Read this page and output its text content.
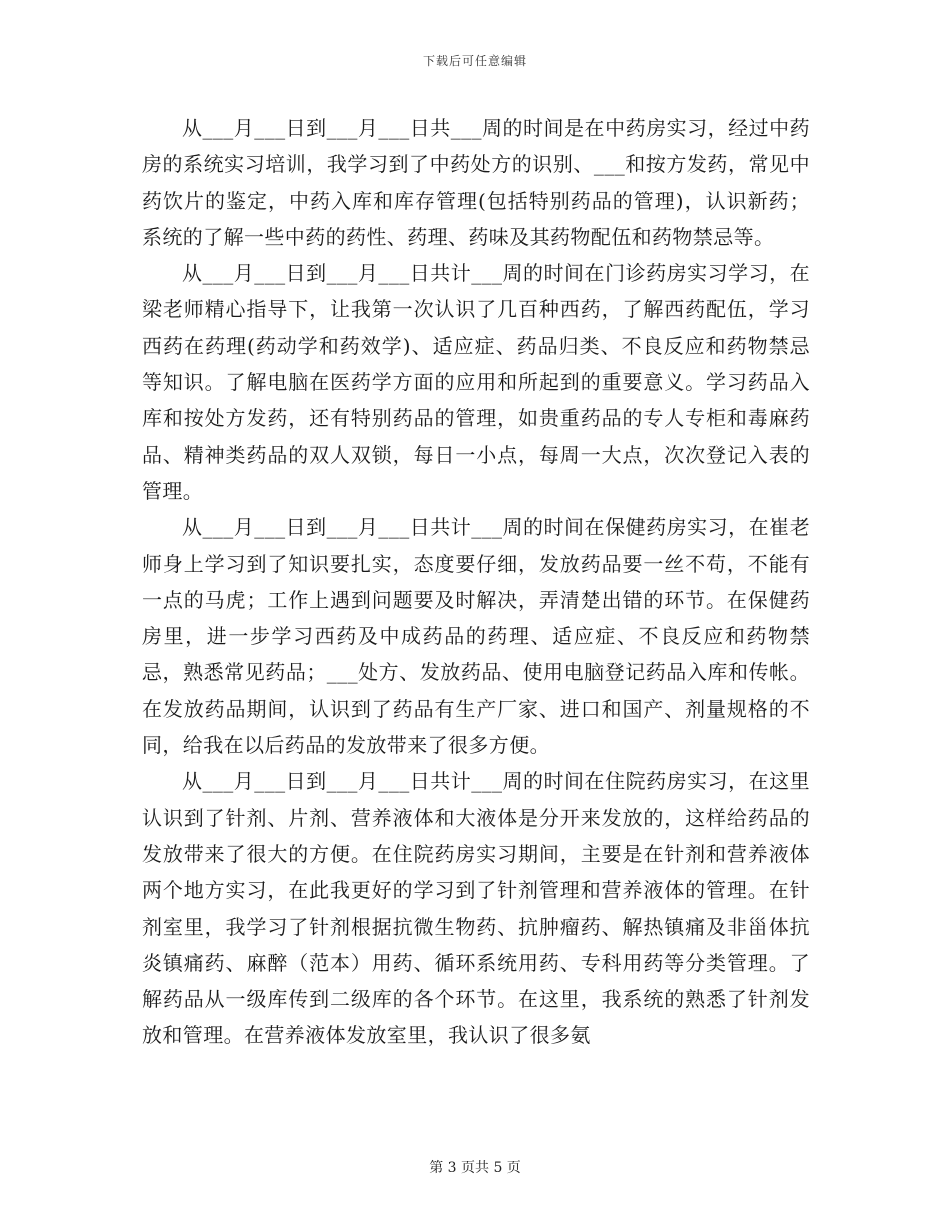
下载后可任意编辑

从___月___日到___月___日共___周的时间是在中药房实习，经过中药房的系统实习培训，我学习到了中药处方的识别、___和按方发药，常见中药饮片的鉴定，中药入库和库存管理(包括特别药品的管理)，认识新药；系统的了解一些中药的药性、药理、药味及其药物配伍和药物禁忌等。

从___月___日到___月___日共计___周的时间在门诊药房实习学习，在梁老师精心指导下，让我第一次认识了几百种西药，了解西药配伍，学习西药在药理(药动学和药效学)、适应症、药品归类、不良反应和药物禁忌等知识。了解电脑在医药学方面的应用和所起到的重要意义。学习药品入库和按处方发药，还有特别药品的管理，如贵重药品的专人专柜和毒麻药品、精神类药品的双人双锁，每日一小点，每周一大点，次次登记入表的管理。

从___月___日到___月___日共计___周的时间在保健药房实习，在崔老师身上学习到了知识要扎实，态度要仔细，发放药品要一丝不苟，不能有一点的马虎；工作上遇到问题要及时解决，弄清楚出错的环节。在保健药房里，进一步学习西药及中成药品的药理、适应症、不良反应和药物禁忌，熟悉常见药品；___处方、发放药品、使用电脑登记药品入库和传帐。在发放药品期间，认识到了药品有生产厂家、进口和国产、剂量规格的不同，给我在以后药品的发放带来了很多方便。

从___月___日到___月___日共计___周的时间在住院药房实习，在这里认识到了针剂、片剂、营养液体和大液体是分开来发放的，这样给药品的发放带来了很大的方便。在住院药房实习期间，主要是在针剂和营养液体两个地方实习，在此我更好的学习到了针剂管理和营养液体的管理。在针剂室里，我学习了针剂根据抗微生物药、抗肿瘤药、解热镇痛及非甾体抗炎镇痛药、麻醉（范本）用药、循环系统用药、专科用药等分类管理。了解药品从一级库传到二级库的各个环节。在这里，我系统的熟悉了针剂发放和管理。在营养液体发放室里，我认识了很多氨

第 3 页共 5 页
